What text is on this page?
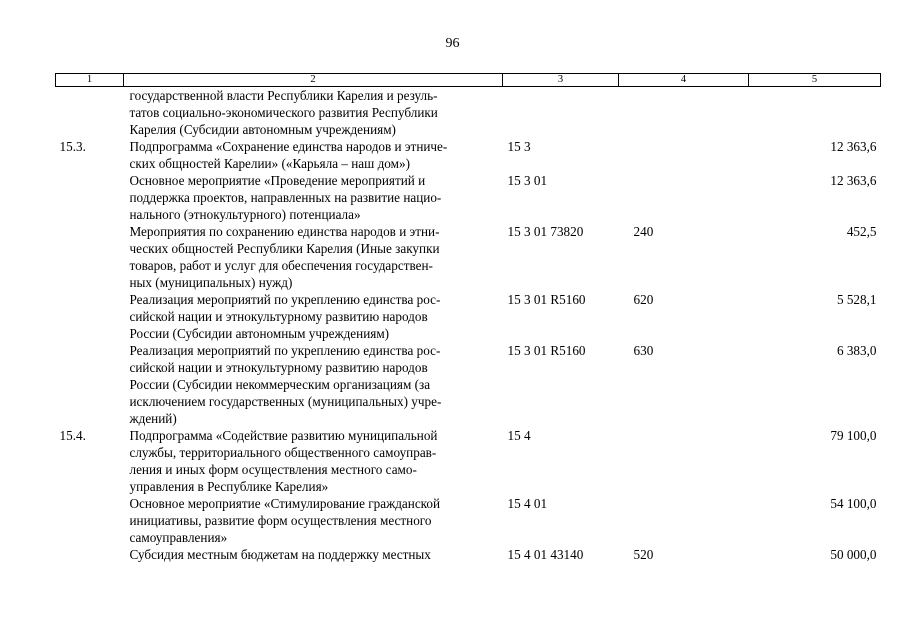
96
1	2	3	4	5
	государственной власти Республики Карелия и резуль-
татов социально-экономического развития Республики
Карелия (Субсидии автономным учреждениям)			
15.3.	Подпрограмма «Сохранение единства народов и этниче-
ских общностей Карелии» («Карьяла – наш дом»)	15 3		12 363,6
	Основное мероприятие «Проведение мероприятий и
поддержка проектов, направленных на развитие нацио-
нального (этнокультурного) потенциала»	15 3 01		12 363,6
	Мероприятия по сохранению единства народов и этни-
ческих общностей Республики Карелия (Иные закупки
товаров, работ и услуг для обеспечения государствен-
ных (муниципальных) нужд)	15 3 01 73820	240	452,5
	Реализация мероприятий по укреплению единства рос-
сийской нации и этнокультурному развитию народов
России (Субсидии автономным учреждениям)	15 3 01 R5160	620	5 528,1
	Реализация мероприятий по укреплению единства рос-
сийской нации и этнокультурному развитию народов
России (Субсидии некоммерческим организациям (за
исключением государственных (муниципальных) учре-
ждений)	15 3 01 R5160	630	6 383,0
15.4.	Подпрограмма «Содействие развитию муниципальной
службы, территориального общественного самоуправ-
ления и иных форм осуществления местного само-
управления в Республике Карелия»	15 4		79 100,0
	Основное мероприятие «Стимулирование гражданской
инициативы, развитие форм осуществления местного
самоуправления»	15 4 01		54 100,0
	Субсидия местным бюджетам на поддержку местных	15 4 01 43140	520	50 000,0
